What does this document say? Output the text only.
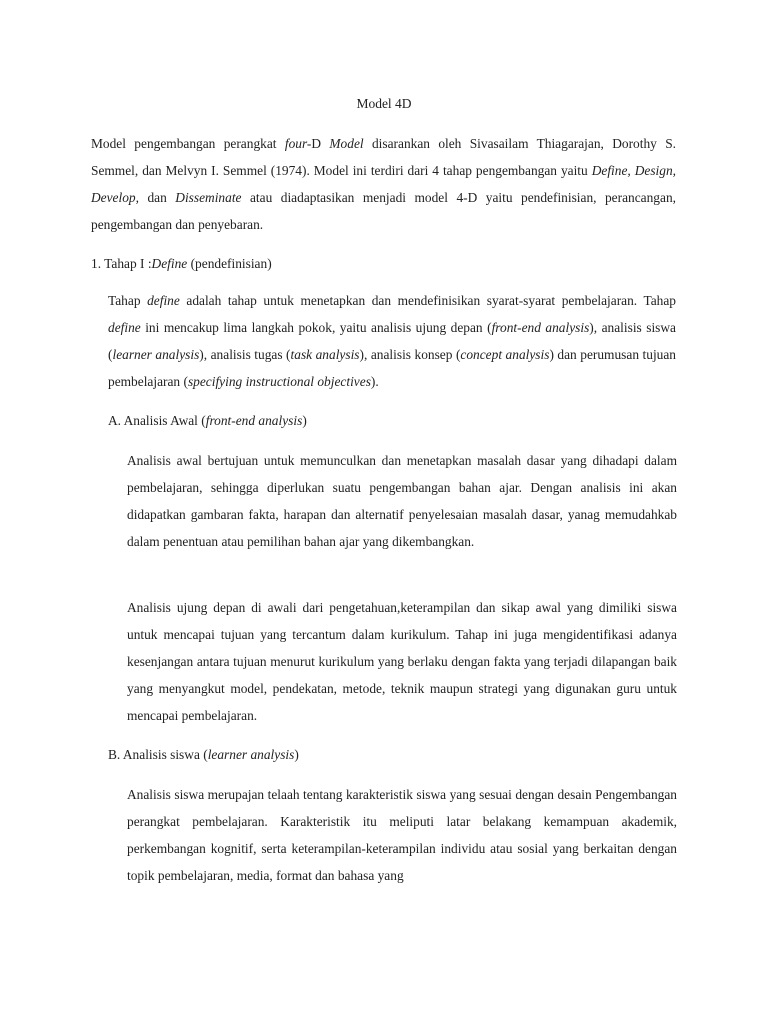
Model 4D

Model pengembangan perangkat four-D Model disarankan oleh Sivasailam Thiagarajan, Dorothy S. Semmel, dan Melvyn I. Semmel (1974). Model ini terdiri dari 4 tahap pengembangan yaitu Define, Design, Develop, dan Disseminate atau diadaptasikan menjadi model 4-D yaitu pendefinisian, perancangan, pengembangan dan penyebaran.

1. Tahap I :Define (pendefinisian)

Tahap define adalah tahap untuk menetapkan dan mendefinisikan syarat-syarat pembelajaran. Tahap define ini mencakup lima langkah pokok, yaitu analisis ujung depan (front-end analysis), analisis siswa (learner analysis), analisis tugas (task analysis), analisis konsep (concept analysis) dan perumusan tujuan pembelajaran (specifying instructional objectives).

A. Analisis Awal (front-end analysis)

Analisis awal bertujuan untuk memunculkan dan menetapkan masalah dasar yang dihadapi dalam pembelajaran, sehingga diperlukan suatu pengembangan bahan ajar. Dengan analisis ini akan didapatkan gambaran fakta, harapan dan alternatif penyelesaian masalah dasar, yanag memudahkab dalam penentuan atau pemilihan bahan ajar yang dikembangkan.

Analisis ujung depan di awali dari pengetahuan,keterampilan dan sikap awal yang dimiliki siswa untuk mencapai tujuan yang tercantum dalam kurikulum. Tahap ini juga mengidentifikasi adanya kesenjangan antara tujuan menurut kurikulum yang berlaku dengan fakta yang terjadi dilapangan baik yang menyangkut model, pendekatan, metode, teknik maupun strategi yang digunakan guru untuk mencapai pembelajaran.

B. Analisis siswa (learner analysis)

Analisis siswa merupajan telaah tentang karakteristik siswa yang sesuai dengan desain Pengembangan perangkat pembelajaran. Karakteristik itu meliputi latar belakang kemampuan akademik, perkembangan kognitif, serta keterampilan-keterampilan individu atau sosial yang berkaitan dengan topik pembelajaran, media, format dan bahasa yang
